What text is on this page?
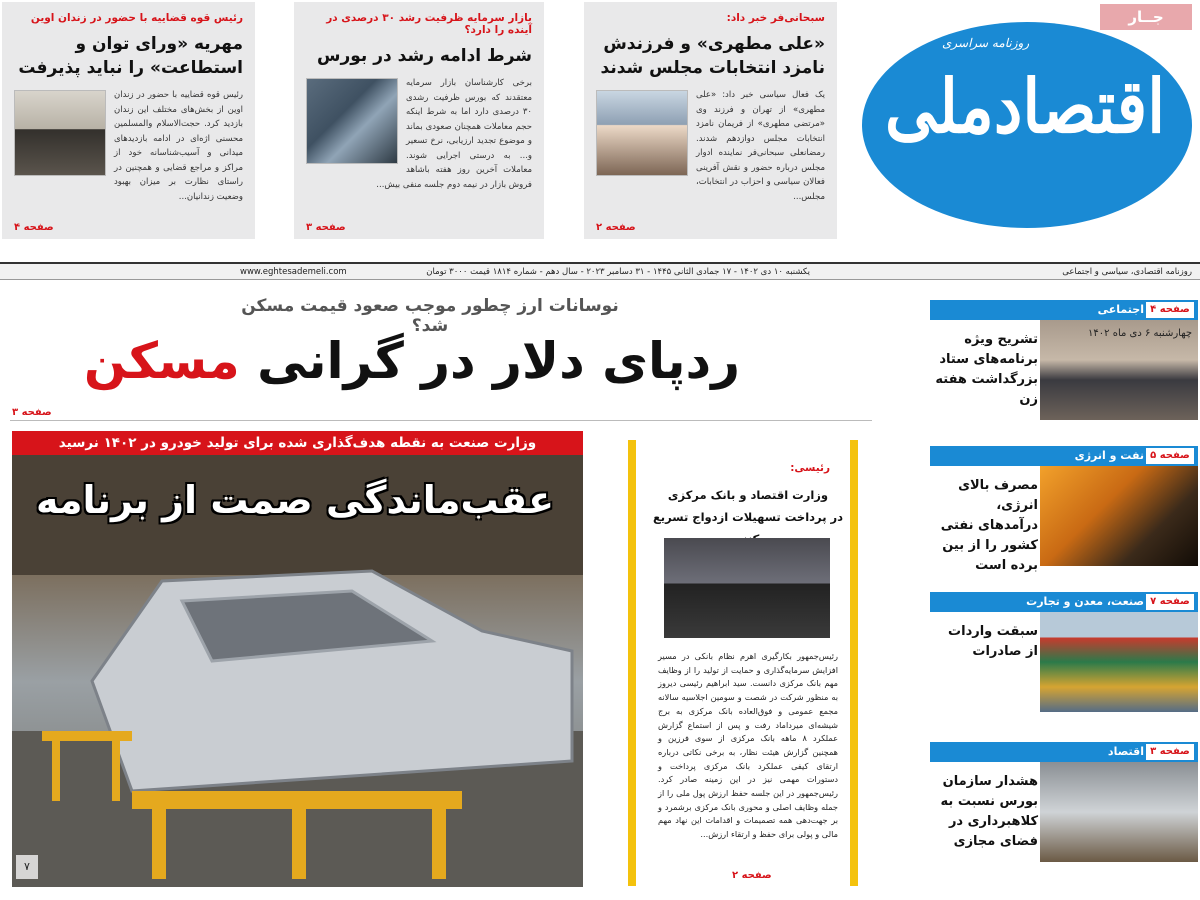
سبحانی‌فر خبر داد:
«علی مطهری» و فرزندش نامزد انتخابات مجلس شدند
یک فعال سیاسی خبر داد: «علی مطهری» از تهران و فرزند وی «مرتضی مطهری» از فریمان نامزد انتخابات مجلس دوازدهم شدند. رمضانعلی سبحانی‌فر نماینده ادوار مجلس درباره حضور و نقش آفرینی فعالان سیاسی و احزاب در انتخابات، مجلس...
صفحه ۲
بازار سرمایه ظرفیت رشد ۳۰ درصدی در آینده را دارد؟
شرط ادامه رشد در بورس
برخی کارشناسان بازار سرمایه معتقدند که بورس ظرفیت رشدی ۳۰ درصدی دارد اما به شرط اینکه حجم معاملات همچنان صعودی بماند و موضوع تجدید ارزیابی، نرخ تسعیر و... به درستی اجرایی شوند. معاملات آخرین روز هفته باشاهد فروش بازار در نیمه دوم جلسه منفی بیش...
صفحه ۳
رئیس قوه قضاییه با حضور در زندان اوین
مهریه «ورای توان و استطاعت» را نباید پذیرفت
رئیس قوه قضاییه با حضور در زندان اوین از بخش‌های مختلف این زندان بازدید کرد. حجت‌الاسلام والمسلمین محسنی اژه‌ای در ادامه بازدیدهای میدانی و آسیب‌شناسانه خود از مراکز و مراجع قضایی و همچنین در راستای نظارت بر میزان بهبود وضعیت زندانیان...
صفحه ۴
جــار
روزنامه سراسری
اقتصادملی
روزنامه اقتصادی، سیاسی و اجتماعی
یکشنبه ۱۰ دی ۱۴۰۲ - ۱۷ جمادی الثانی ۱۴۴۵ - ۳۱ دسامبر ۲۰۲۳ - سال دهم - شماره ۱۸۱۴
قیمت ۳۰۰۰ تومان
www.eghtesademeli.com
نوسانات ارز چطور موجب صعود قیمت مسکن شد؟
ردپای دلار در گرانی مسکن
صفحه ۳
وزارت صنعت به نقطه هدف‌گذاری شده برای تولید خودرو در ۱۴۰۲ نرسید
عقب‌ماندگی صمت از برنامه
۷
رئیسی:
وزارت اقتصاد و بانک مرکزی
در پرداخت تسهیلات ازدواج تسریع
رئیس‌جمهور بکارگیری اهرم نظام بانکی در مسیر افزایش سرمایه‌گذاری و حمایت از تولید را از وظایف مهم بانک مرکزی دانست. سید ابراهیم رئیسی دیروز به منظور شرکت در شصت و سومین اجلاسیه سالانه مجمع عمومی و فوق‌العاده بانک مرکزی به برج شیشه‌ای میرداماد رفت و پس از استماع گزارش عملکرد ۸ ماهه بانک مرکزی از سوی فرزین و همچنین گزارش هیئت نظار، به برخی نکاتی درباره ارتقای کیفی عملکرد بانک مرکزی پرداخت و دستورات مهمی نیز در این زمینه صادر کرد. رئیس‌جمهور در این جلسه حفظ ارزش پول ملی را از جمله وظایف اصلی و محوری بانک مرکزی برشمرد و بر جهت‌دهی همه تصمیمات و اقدامات این نهاد مهم مالی و پولی برای حفظ و ارتقاء ارزش...
صفحه ۲
اجتماعی صفحه ۴
چهارشنبه ۶ دی ماه ۱۴۰۲
تشریح ویژه برنامه‌های ستاد بزرگداشت هفته زن
نفت و انرژی صفحه ۵
مصرف بالای انرژی، درآمدهای نفتی کشور را از بین برده است
صنعت، معدن و تجارت صفحه ۷
سبقت واردات از صادرات
اقتصاد صفحه ۳
هشدار سازمان بورس نسبت به کلاهبرداری در فضای مجازی
